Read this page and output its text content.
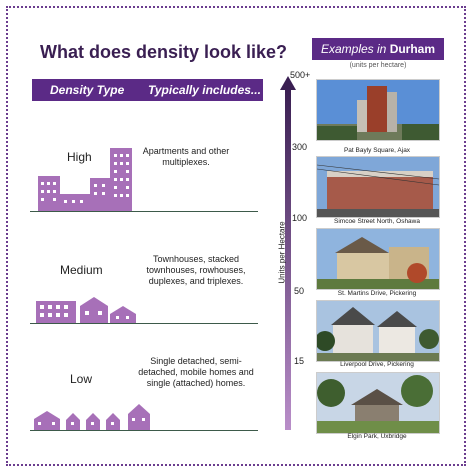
What does density look like?
Density Type Typically includes...
High	Apartments and other multiplexes.
Medium
Townhouses, stacked townhouses, rowhouses, duplexes, and triplexes.
Low
Single detached, semi-detached, mobile homes and single (attached) homes.
Examples in Durham
(units per hectare)
Units per Hectare
500+
300
100
50
15
Pat Bayly Square, Ajax
Simcoe Street North, Oshawa
St. Martins Drive, Pickering
Liverpool Drive, Pickering
Elgin Park, Uxbridge
